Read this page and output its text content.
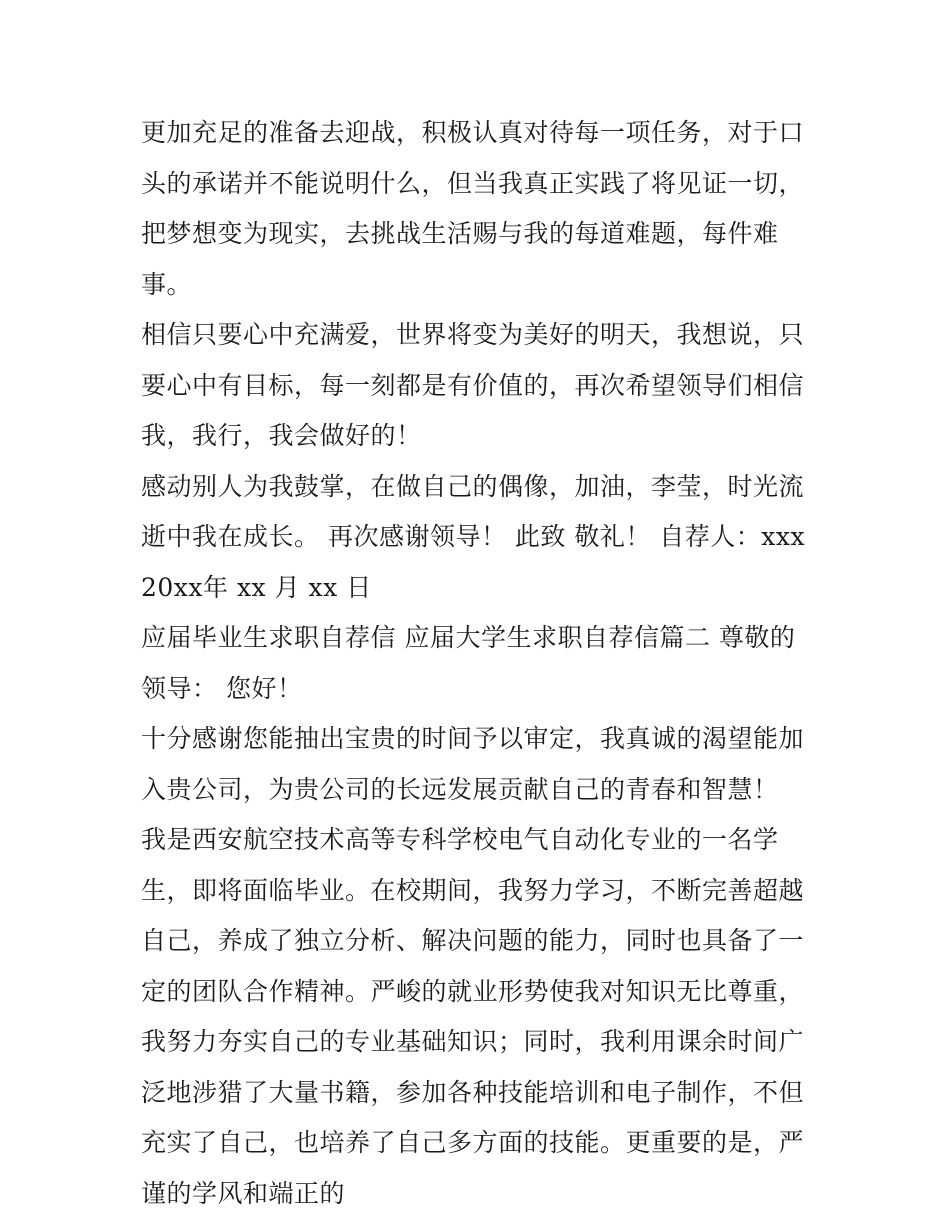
更加充足的准备去迎战，积极认真对待每一项任务，对于口头的承诺并不能说明什么，但当我真正实践了将见证一切，把梦想变为现实，去挑战生活赐与我的每道难题，每件难事。

相信只要心中充满爱，世界将变为美好的明天，我想说，只要心中有目标，每一刻都是有价值的，再次希望领导们相信我，我行，我会做好的！

感动别人为我鼓掌，在做自己的偶像，加油，李莹，时光流逝中我在成长。 再次感谢领导！ 此致 敬礼！ 自荐人：xxx 20xx年 xx 月 xx 日

应届毕业生求职自荐信 应届大学生求职自荐信篇二 尊敬的领导： 您好！

十分感谢您能抽出宝贵的时间予以审定，我真诚的渴望能加入贵公司，为贵公司的长远发展贡献自己的青春和智慧！

我是西安航空技术高等专科学校电气自动化专业的一名学生，即将面临毕业。在校期间，我努力学习，不断完善超越自己，养成了独立分析、解决问题的能力，同时也具备了一定的团队合作精神。严峻的就业形势使我对知识无比尊重，我努力夯实自己的专业基础知识；同时，我利用课余时间广泛地涉猎了大量书籍，参加各种技能培训和电子制作，不但充实了自己，也培养了自己多方面的技能。更重要的是，严谨的学风和端正的
